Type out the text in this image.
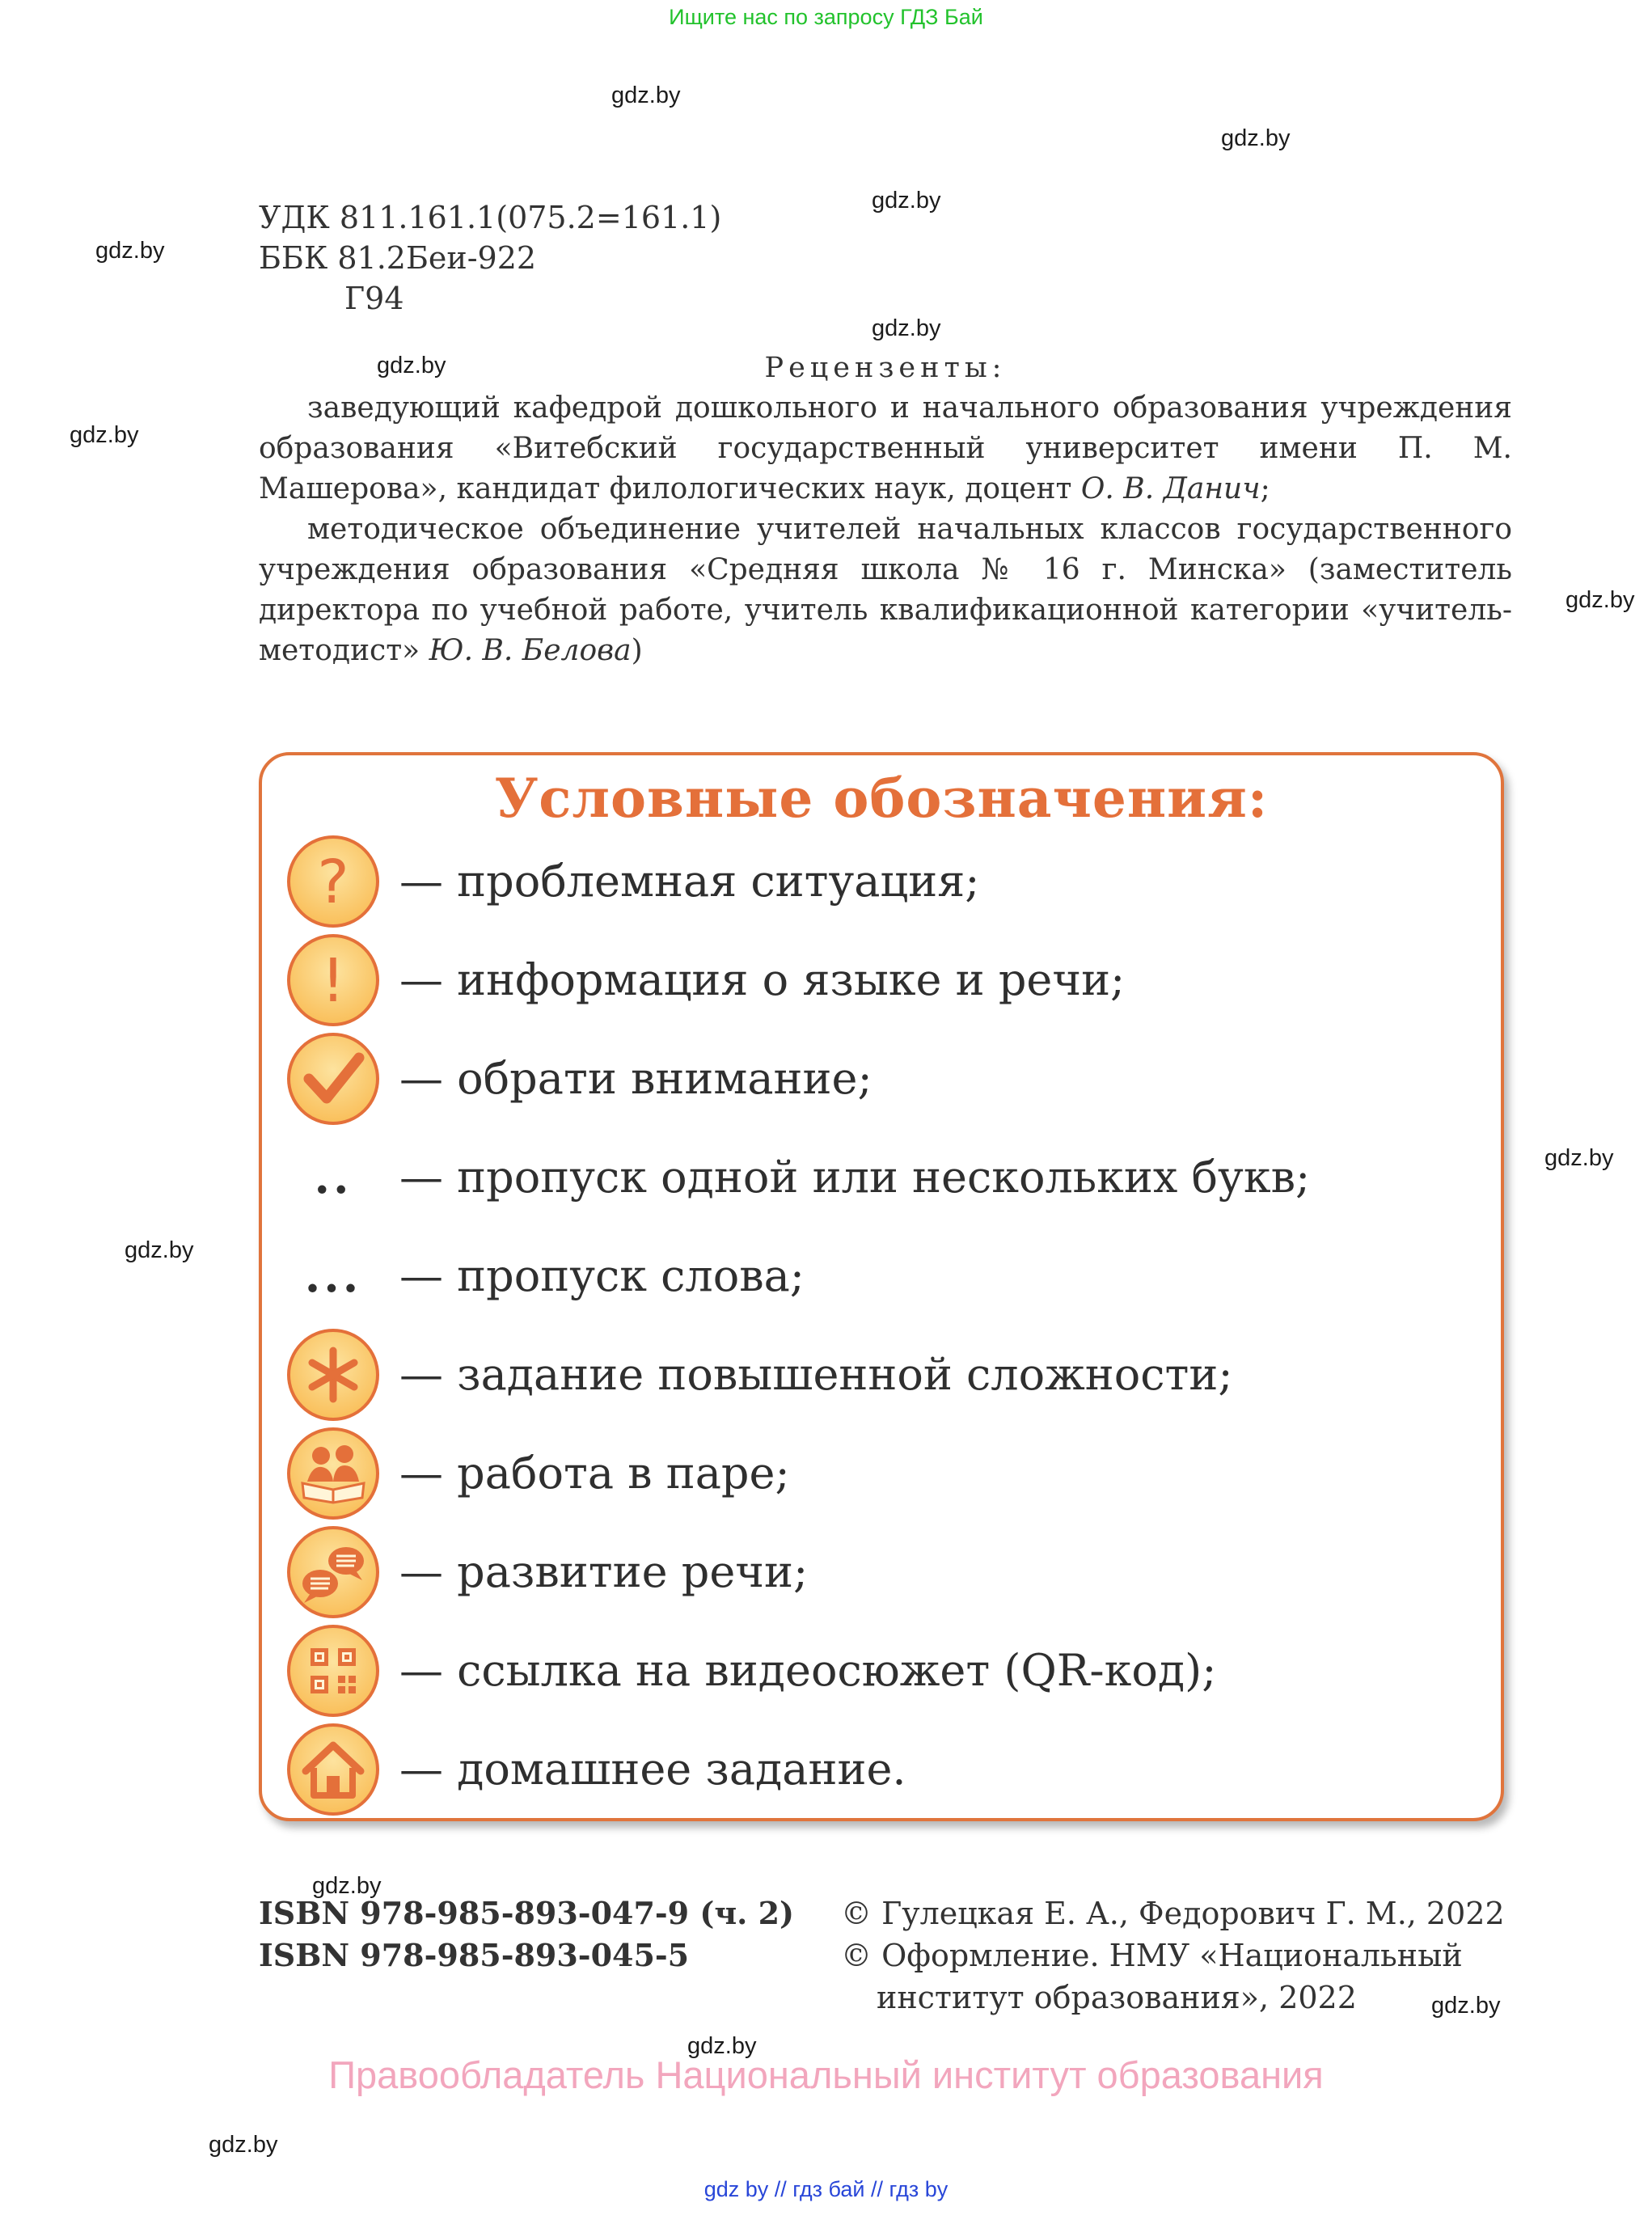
Ищите нас по запросу ГДЗ Бай
gdz.by
gdz.by
gdz.by
gdz.by
gdz.by
gdz.by
gdz.by
gdz.by
gdz.by
gdz.by
gdz.by
gdz.by
gdz.by
gdz.by
УДК 811.161.1(075.2=161.1)
ББК 81.2Беи-922
Г94
Рецензенты:

заведующий кафедрой дошкольного и начального образования учреждения образования «Витебский государственный университет имени П. М. Машерова», кандидат филологических наук, доцент О. В. Данич;

методическое объединение учителей начальных классов государственного учреждения образования «Средняя школа № 16 г. Минска» (заместитель директора по учебной работе, учитель квалификационной категории «учитель-методист» Ю. В. Белова)

Условные обозначения:
? — проблемная ситуация;
! — информация о языке и речи;
— обрати внимание;
..	— пропуск одной или нескольких букв;
... — пропуск слова;
— задание повышенной сложности;
— работа в паре;
— развитие речи;
— ссылка на видеосюжет (QR-код);
— домашнее задание.
ISBN 978-985-893-047-9 (ч. 2)
ISBN 978-985-893-045-5
© Гулецкая Е. А., Федорович Г. М., 2022
© Оформление. НМУ «Национальный
институт образования», 2022
Правообладатель Национальный институт образования
gdz by // гдз бай // гдз by
